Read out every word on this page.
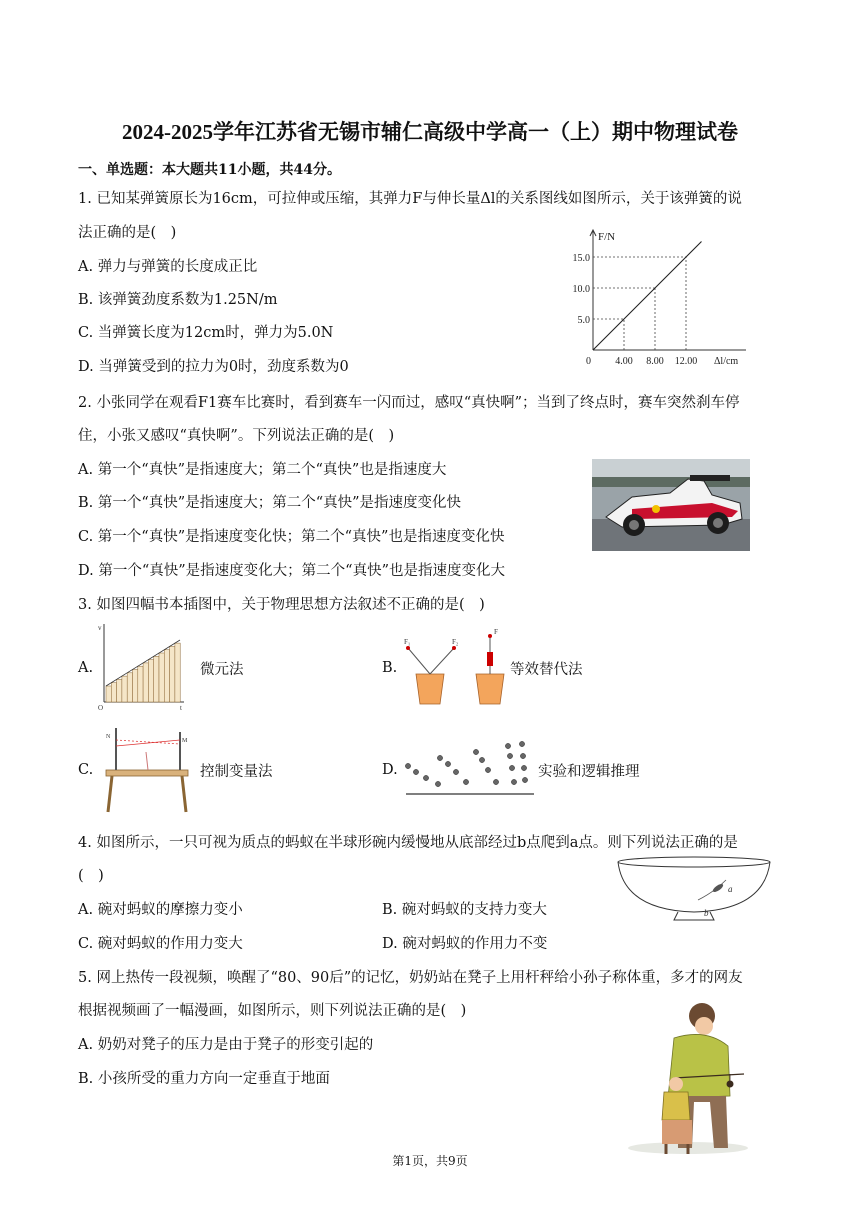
2024-2025学年江苏省无锡市辅仁高级中学高一（上）期中物理试卷
一、单选题：本大题共11小题，共44分。
1. 已知某弹簧原长为16cm，可拉伸或压缩，其弹力F与伸长量Δl的关系图线如图所示，关于该弹簧的说
法正确的是(　)
A. 弹力与弹簧的长度成正比
B. 该弹簧劲度系数为1.25N/m
C. 当弹簧长度为12cm时，弹力为5.0N
D. 当弹簧受到的拉力为0时，劲度系数为0
F/N
Δl/cm
0 4.00
5.0
8.00
10.0
12.00
15.0
2. 小张同学在观看F1赛车比赛时，看到赛车一闪而过，感叹“真快啊”；当到了终点时，赛车突然刹车停
住，小张又感叹“真快啊”。下列说法正确的是(　)
A. 第一个“真快”是指速度大；第二个“真快”也是指速度大
B. 第一个“真快”是指速度大；第二个“真快”是指速度变化快
C. 第一个“真快”是指速度变化快；第二个“真快”也是指速度变化快
D. 第一个“真快”是指速度变化大；第二个“真快”也是指速度变化大
3. 如图四幅书本插图中，关于物理思想方法叙述不正确的是(　)
A.
v
O	t
微元法	B.
F₁	F₂
F
等效替代法
C.
N
M
控制变量法	D.	实验和逻辑推理
4. 如图所示，一只可视为质点的蚂蚁在半球形碗内缓慢地从底部经过b点爬到a点。则下列说法正确的是
(　)
A. 碗对蚂蚁的摩擦力变小	B. 碗对蚂蚁的支持力变大
C. 碗对蚂蚁的作用力变大	D. 碗对蚂蚁的作用力不变
a
b
5. 网上热传一段视频，唤醒了“80、90后”的记忆，奶奶站在凳子上用杆秤给小孙子称体重，多才的网友
根据视频画了一幅漫画，如图所示，则下列说法正确的是(　)
A. 奶奶对凳子的压力是由于凳子的形变引起的
B. 小孩所受的重力方向一定垂直于地面
第1页，共9页
